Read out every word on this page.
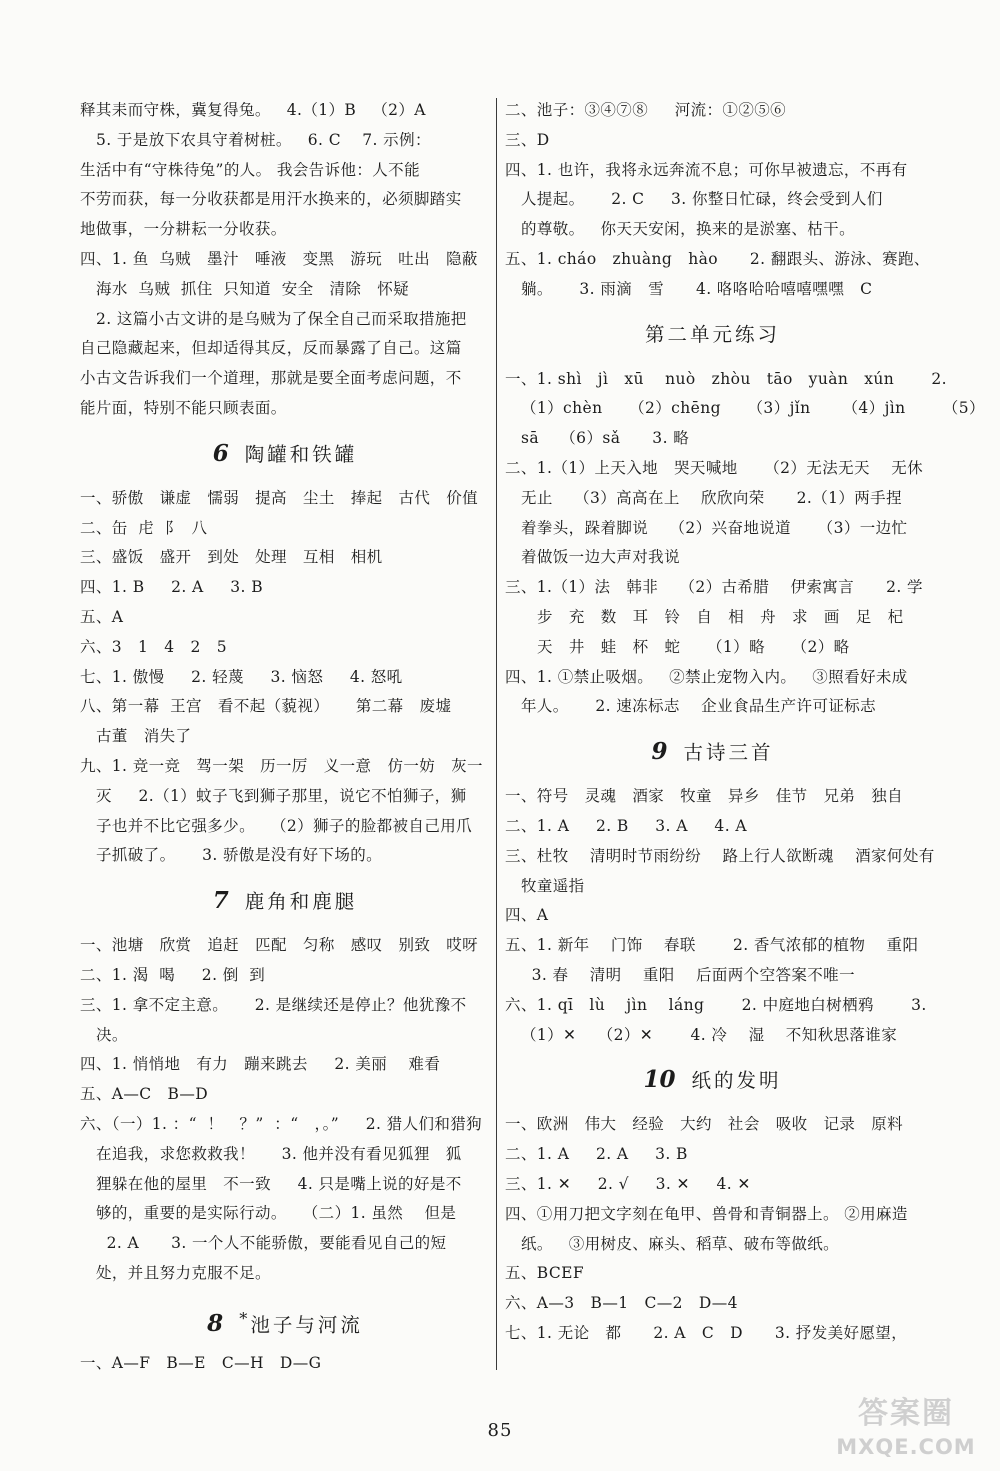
释其耒而守株，冀复得兔。   4.（1）B   （2）A
5. 于是放下农具守着树桩。   6. C    7. 示例：
生活中有“守株待兔”的人。 我会告诉他：人不能
不劳而获，每一分收获都是用汗水换来的，必须脚踏实
地做事，一分耕耘一分收获。
四、1. 鱼  乌贼   墨汁   唾液   变黑   游玩   吐出   隐蔽
海水  乌贼  抓住  只知道  安全   清除   怀疑
2. 这篇小古文讲的是乌贼为了保全自己而采取措施把
自己隐藏起来，但却适得其反，反而暴露了自己。这篇
小古文告诉我们一个道理，那就是要全面考虑问题，不
能片面，特别不能只顾表面。
6 陶罐和铁罐
一、骄傲   谦虚   懦弱   提高   尘土   捧起   古代   价值
二、缶  虍  阝  八
三、盛饭   盛开   到处   处理   互相   相机
四、1. B     2. A     3. B
五、A
六、3   1   4   2   5
七、1. 傲慢     2. 轻蔑     3. 恼怒     4. 怒吼
八、第一幕  王宫   看不起（藐视）     第二幕   废墟
古董   消失了
九、1. 竞一竞   驾一架   历一厉   义一意   仿一妨   灰一
灭     2.（1）蚊子飞到狮子那里，说它不怕狮子，狮
子也并不比它强多少。   （2）狮子的脸都被自己用爪
子抓破了。     3. 骄傲是没有好下场的。
7 鹿角和鹿腿
一、池塘   欣赏   追赶   匹配   匀称   感叹   别致   哎呀
二、1. 渴  喝     2. 倒  到
三、1. 拿不定主意。     2. 是继续还是停止？他犹豫不
决。
四、1. 悄悄地   有力   蹦来跳去     2. 美丽    难看
五、A—C   B—D
六、（一）1. ：“  ！   ？”  ：“   ，。”     2. 猎人们和猎狗
在追我，求您救救我！     3. 他并没有看见狐狸   狐
狸躲在他的屋里   不一致     4. 只是嘴上说的好是不
够的，重要的是实际行动。   （二）1. 虽然    但是
2. A      3. 一个人不能骄傲，要能看见自己的短
处，并且努力克服不足。
8 *池子与河流
一、A—F   B—E   C—H   D—G
二、池子：③④⑦⑧     河流：①②⑤⑥
三、D
四、1. 也许，我将永远奔流不息；可你早被遗忘，不再有
人提起。     2. C     3. 你整日忙碌，终会受到人们
的尊敬。   你天天安闲，换来的是淤塞、枯干。
五、1. cháo   zhuàng   hào      2. 翻跟头、游泳、赛跑、
躺。     3. 雨滴   雪      4. 咯咯哈哈嘻嘻嘿嘿   C
第二单元练习
一、1. shì   jì   xū    nuò   zhòu   tāo   yuàn   xún       2.
（1）chèn     （2）chēng     （3）jǐn      （4）jìn       （5）
sā    （6）sǎ      3. 略
二、1.（1）上天入地   哭天喊地     （2）无法无天    无休
无止    （3）高高在上    欣欣向荣      2.（1）两手捏
着拳头，跺着脚说    （2）兴奋地说道     （3）一边忙
着做饭一边大声对我说
三、1.（1）法   韩非    （2）古希腊    伊索寓言      2. 学
步   充   数   耳   铃   自   相   舟   求   画   足   杞
天   井   蛙   杯   蛇     （1）略     （2）略
四、1. ①禁止吸烟。   ②禁止宠物入内。   ③照看好未成
年人。     2. 速冻标志    企业食品生产许可证标志
9 古诗三首
一、符号   灵魂   酒家   牧童   异乡   佳节   兄弟   独自
二、1. A     2. B     3. A     4. A
三、杜牧    清明时节雨纷纷    路上行人欲断魂    酒家何处有
牧童遥指
四、A
五、1. 新年    门饰    春联       2. 香气浓郁的植物    重阳
3. 春    清明    重阳    后面两个空答案不唯一
六、1. qī   lù    jìn    láng       2. 中庭地白树栖鸦       3.
（1）✕    （2）✕       4. 冷    湿    不知秋思落谁家
10 纸的发明
一、欧洲   伟大   经验   大约   社会   吸收   记录   原料
二、1. A     2. A     3. B
三、1. ✕     2. √     3. ✕     4. ✕
四、①用刀把文字刻在龟甲、兽骨和青铜器上。 ②用麻造
纸。   ③用树皮、麻头、稻草、破布等做纸。
五、BCEF
六、A—3   B—1   C—2   D—4
七、1. 无论   都      2. A   C   D      3. 抒发美好愿望，
85	答案圈
MXQE.COM
